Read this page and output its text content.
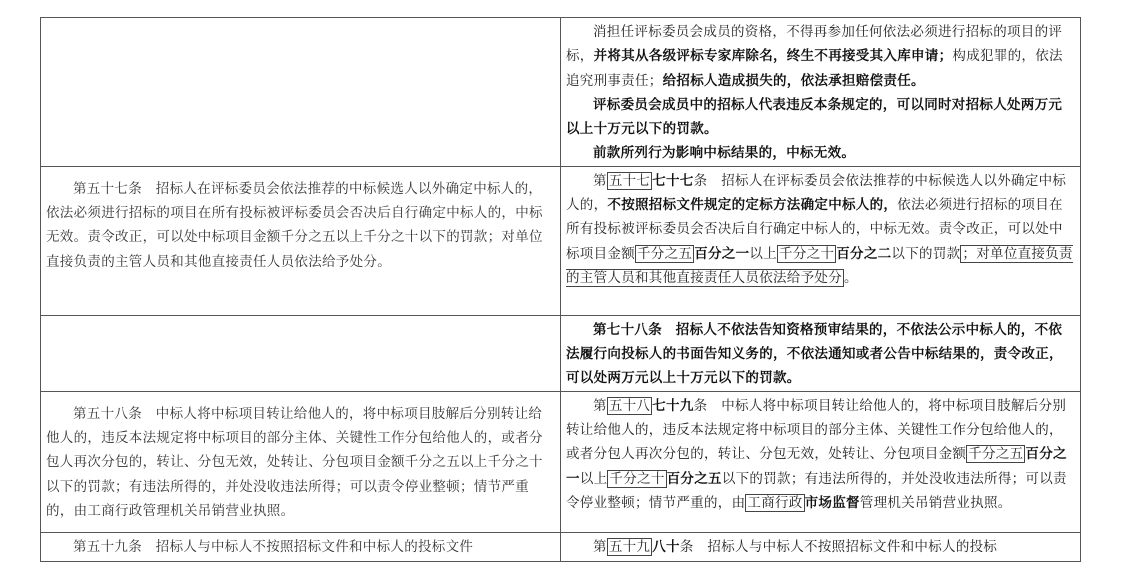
	消担任评标委员会成员的资格，不得再参加任何依法必须进行招标的项目的评标，并将其从各级评标专家库除名，终生不再接受其入库申请；构成犯罪的，依法追究刑事责任；给招标人造成损失的，依法承担赔偿责任。

评标委员会成员中的招标人代表违反本条规定的，可以同时对招标人处两万元以上十万元以下的罚款。

前款所列行为影响中标结果的，中标无效。

第五十七条　招标人在评标委员会依法推荐的中标候选人以外确定中标人的，依法必须进行招标的项目在所有投标被评标委员会否决后自行确定中标人的，中标无效。责令改正，可以处中标项目金额千分之五以上千分之十以下的罚款；对单位直接负责的主管人员和其他直接责任人员依法给予处分。	第 五十七 七十七条　招标人在评标委员会依法推荐的中标候选人以外确定中标人的，不按照招标文件规定的定标方法确定中标人的，依法必须进行招标的项目在所有投标被评标委员会否决后自行确定中标人的，中标无效。责令改正，可以处中标项目金额 千分之五 百分之一以上 千分之十 百分之二以下的罚款 ；对单位直接负责的主管人员和其他直接责任人员依法给予处分 。

	第七十八条　招标人不依法告知资格预审结果的，不依法公示中标人的，不依法履行向投标人的书面告知义务的，不依法通知或者公告中标结果的，责令改正，可以处两万元以上十万元以下的罚款。

第五十八条　中标人将中标项目转让给他人的，将中标项目肢解后分别转让给他人的，违反本法规定将中标项目的部分主体、关键性工作分包给他人的，或者分包人再次分包的，转让、分包无效，处转让、分包项目金额千分之五以上千分之十以下的罚款；有违法所得的，并处没收违法所得；可以责令停业整顿；情节严重的，由工商行政管理机关吊销营业执照。	第 五十八 七十九条　中标人将中标项目转让给他人的，将中标项目肢解后分别转让给他人的，违反本法规定将中标项目的部分主体、关键性工作分包给他人的，或者分包人再次分包的，转让、分包无效，处转让、分包项目金额 千分之五 百分之一以上 千分之十 百分之五以下的罚款；有违法所得的，并处没收违法所得；可以责令停业整顿；情节严重的，由 工商行政 市场监督管理机关吊销营业执照。

第五十九条　招标人与中标人不按照招标文件和中标人的投标文件	第 五十九 八十条　招标人与中标人不按照招标文件和中标人的投标
